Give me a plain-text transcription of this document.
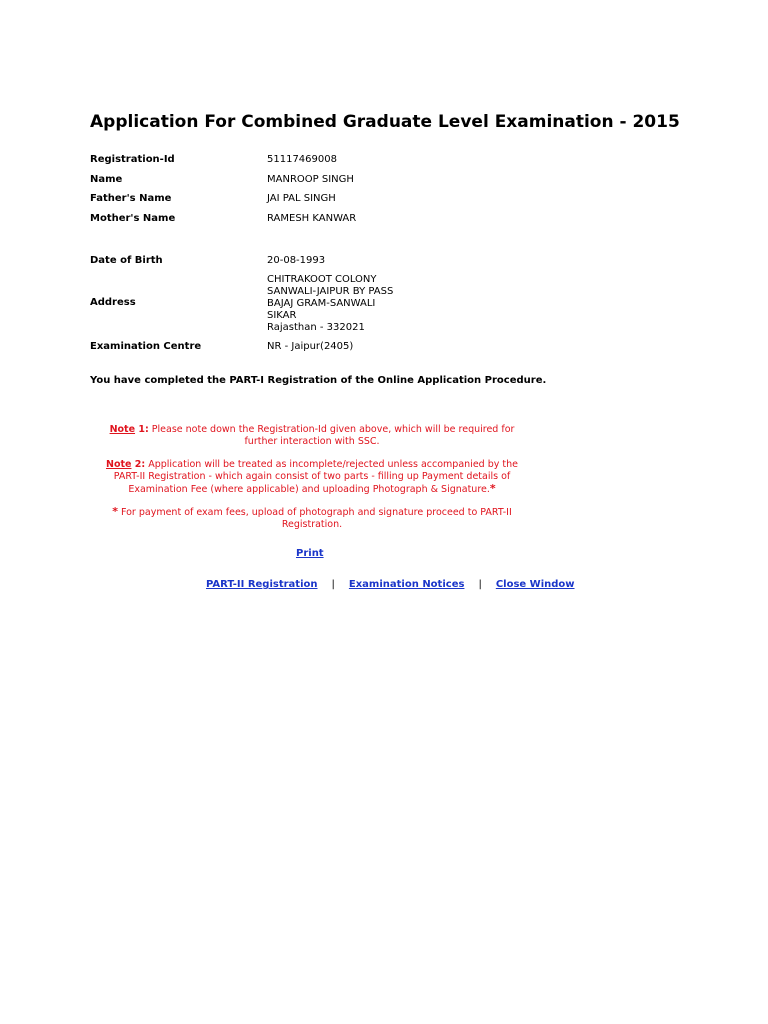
Application For Combined Graduate Level Examination - 2015
Registration-Id	51117469008
Name	MANROOP SINGH
Father's Name	JAI PAL SINGH
Mother's Name	RAMESH KANWAR
Date of Birth	20-08-1993
Address
CHITRAKOOT COLONY
SANWALI-JAIPUR BY PASS
BAJAJ GRAM-SANWALI
SIKAR
Rajasthan - 332021
Examination Centre	NR - Jaipur(2405)
You have completed the PART-I Registration of the Online Application Procedure.
Note 1: Please note down the Registration-Id given above, which will be required for further interaction with SSC.
Note 2: Application will be treated as incomplete/rejected unless accompanied by the PART-II Registration - which again consist of two parts - filling up Payment details of Examination Fee (where applicable) and uploading Photograph & Signature.*
* For payment of exam fees, upload of photograph and signature proceed to PART-II Registration.
Print
PART-II Registration | Examination Notices | Close Window
